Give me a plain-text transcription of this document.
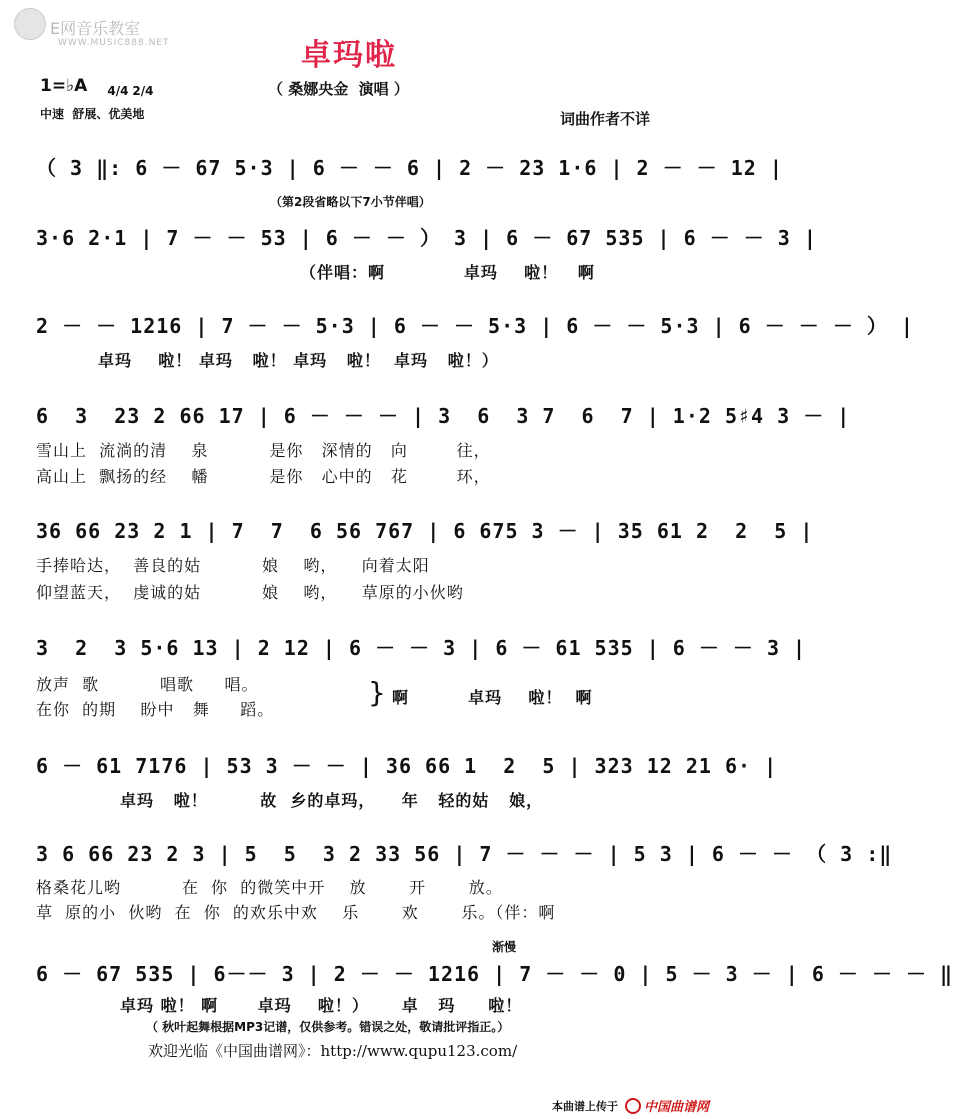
E网音乐教室
WWW.MUSIC888.NET	卓玛啦
（ 桑娜央金  演唱 ）
1=♭A	4/4 2/4

中速  舒展、优美地	词曲作者不详
（ 3 ‖: 6 － 67 5·3 | 6 － － 6 | 2 － 23 1·6 | 2 － － 12 |
（第2段省略以下7小节伴唱）
3·6 2·1 | 7 － － 53 | 6 － － ） 3 | 6 － 67 535 | 6 － － 3 |
（伴唱：啊            卓玛    啦！   啊
2 － － 1216 | 7 － － 5·3 | 6 － － 5·3 | 6 － － 5·3 | 6 － － － ） |
卓玛    啦！ 卓玛   啦！ 卓玛   啦！  卓玛   啦！）
6  3  23 2 66 17 | 6 － － － | 3  6  3 7  6  7 | 1·2 5♯4 3 － |
雪山上  流淌的清    泉          是你   深情的   向        往，
高山上  飘扬的经    幡          是你   心中的   花        环，
36 66 23 2 1 | 7  7  6 56 767 | 6 675 3 － | 35 61 2  2  5 |
手捧哈达，  善良的姑          娘    哟，    向着太阳
仰望蓝天，  虔诚的姑          娘    哟，    草原的小伙哟
3  2  3 5·6 13 | 2 12 | 6 － － 3 | 6 － 61 535 | 6 － － 3 |
放声  歌          唱歌     唱。
在你  的期    盼中   舞     蹈。
} 啊         卓玛    啦！  啊
6 － 61 7176 | 53 3 － － | 36 66 1  2  5 | 323 12 21 6· |
卓玛   啦！        故  乡的卓玛，    年   轻的姑   娘，
3 6 66 23 2 3 | 5  5  3 2 33 56 | 7 － － － | 5 3 | 6 － － （ 3 :‖
格桑花儿哟          在  你  的微笑中开    放       开       放。
草  原的小  伙哟  在  你  的欢乐中欢    乐       欢       乐。（伴：啊
渐慢
6 － 67 535 | 6－－ 3 | 2 － － 1216 | 7 － － 0 | 5 － 3 － | 6 － － － ‖
卓玛 啦！ 啊      卓玛    啦！）     卓   玛     啦！
（ 秋叶起舞根据MP3记谱，仅供参考。错误之处，敬请批评指正。）
欢迎光临《中国曲谱网》：http://www.qupu123.com/
本曲谱上传于 中国曲谱网
